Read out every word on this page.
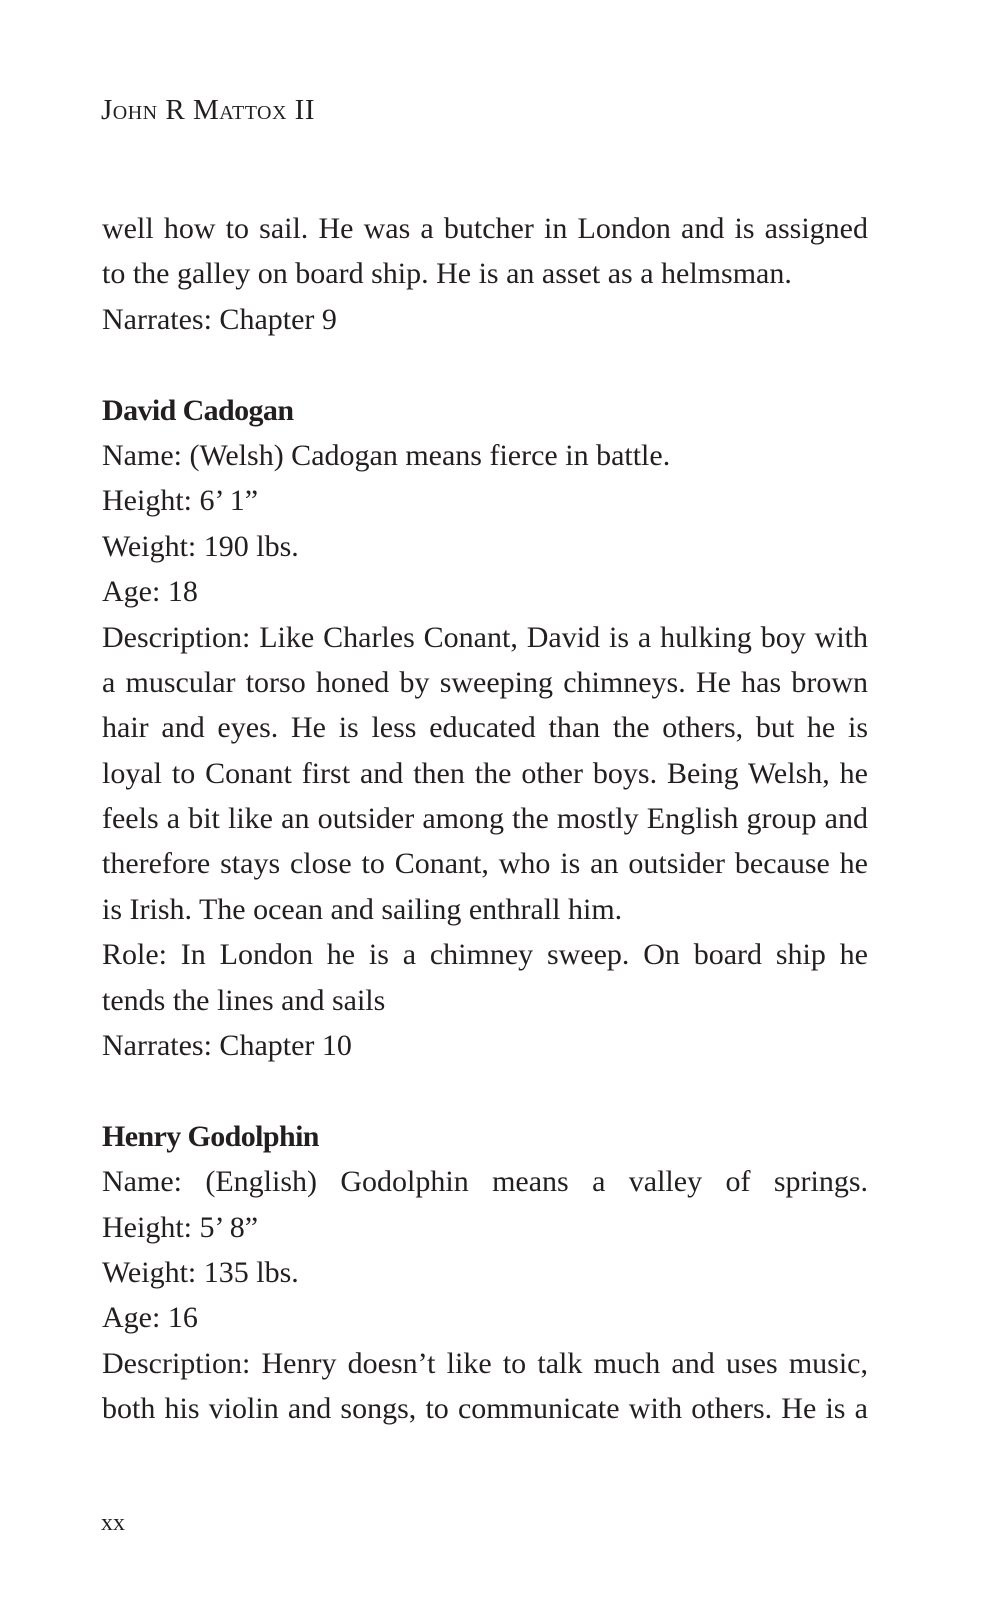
John R Mattox II
well how to sail. He was a butcher in London and is assigned
to the galley on board ship. He is an asset as a helmsman.
Narrates: Chapter 9
David Cadogan
Name: (Welsh) Cadogan means fierce in battle.
Height: 6’ 1”
Weight: 190 lbs.
Age: 18
Description: Like Charles Conant, David is a hulking boy with
a muscular torso honed by sweeping chimneys. He has brown
hair and eyes. He is less educated than the others, but he is
loyal to Conant first and then the other boys. Being Welsh, he
feels a bit like an outsider among the mostly English group and
therefore stays close to Conant, who is an outsider because he
is Irish. The ocean and sailing enthrall him.
Role: In London he is a chimney sweep. On board ship he
tends the lines and sails
Narrates: Chapter 10
Henry Godolphin
Name: (English) Godolphin means a valley of springs.
Height: 5’ 8”
Weight: 135 lbs.
Age: 16
Description: Henry doesn’t like to talk much and uses music,
both his violin and songs, to communicate with others. He is a
xx
